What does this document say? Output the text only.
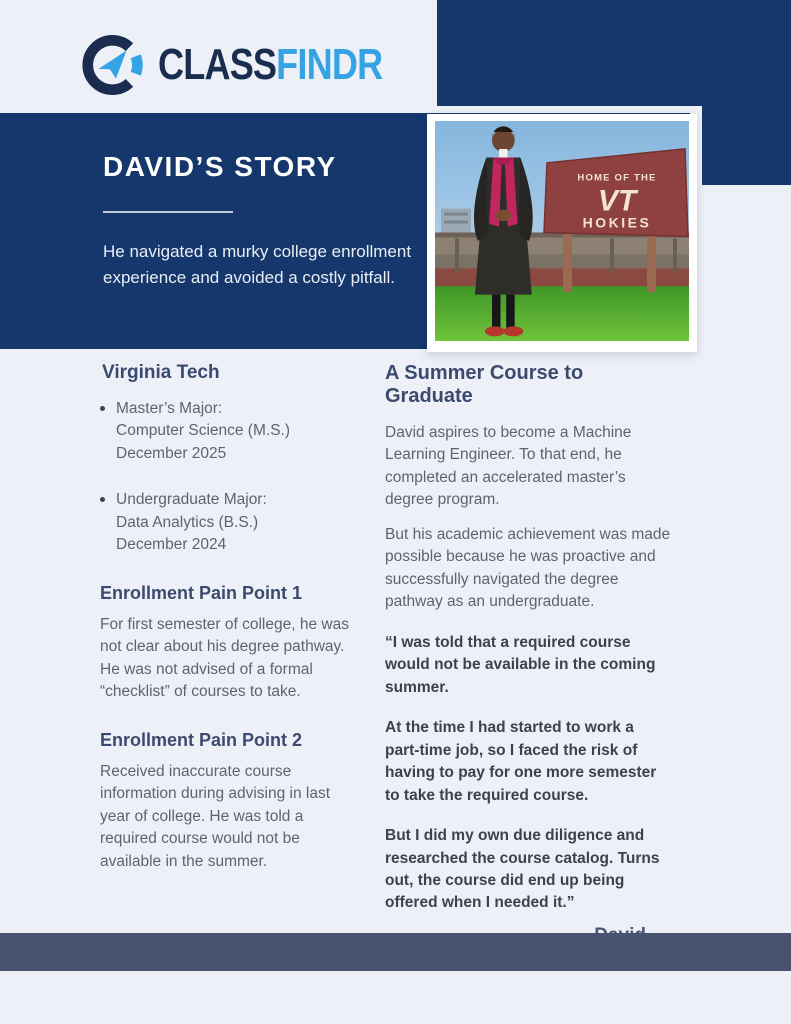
CLASS FINDR
DAVID’S STORY

He navigated a murky college enrollment experience and avoided a costly pitfall.

HOME OF THE
VT
HOKIES
Virginia Tech
Master’s Major:
Computer Science (M.S.)
December 2025
Undergraduate Major:
Data Analytics (B.S.)
December 2024
Enrollment Pain Point 1

For first semester of college, he was not clear about his degree pathway. He was not advised of a formal “checklist” of courses to take.

Enrollment Pain Point 2

Received inaccurate course information during advising in last year of college. He was told a required course would not be available in the summer.

A Summer Course to Graduate

David aspires to become a Machine Learning Engineer. To that end, he completed an accelerated master’s degree program.

But his academic achievement was made possible because he was proactive and successfully navigated the degree pathway as an undergraduate.

“I was told that a required course would not be available in the coming summer.

At the time I had started to work a part-time job, so I faced the risk of having to pay for one more semester to take the required course.

But I did my own due diligence and researched the course catalog. Turns out, the course did end up being offered when I needed it.”
